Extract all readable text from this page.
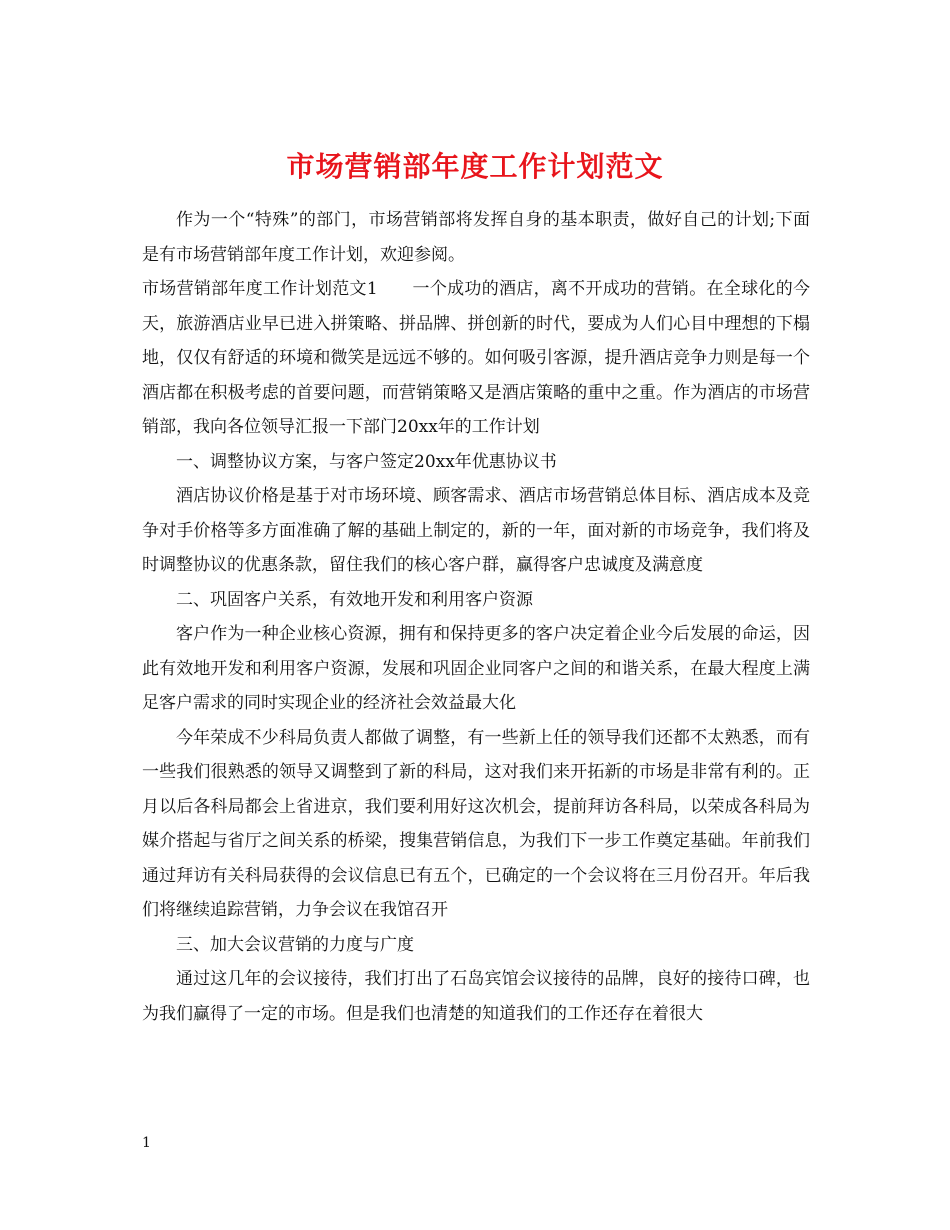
市场营销部年度工作计划范文

作为一个“特殊”的部门，市场营销部将发挥自身的基本职责，做好自己的计划;下面是有市场营销部年度工作计划，欢迎参阅。

市场营销部年度工作计划范文1　　一个成功的酒店，离不开成功的营销。在全球化的今天，旅游酒店业早已进入拼策略、拼品牌、拼创新的时代，要成为人们心目中理想的下榻地，仅仅有舒适的环境和微笑是远远不够的。如何吸引客源，提升酒店竞争力则是每一个酒店都在积极考虑的首要问题，而营销策略又是酒店策略的重中之重。作为酒店的市场营销部，我向各位领导汇报一下部门20xx年的工作计划

一、调整协议方案，与客户签定20xx年优惠协议书

酒店协议价格是基于对市场环境、顾客需求、酒店市场营销总体目标、酒店成本及竞争对手价格等多方面准确了解的基础上制定的，新的一年，面对新的市场竞争，我们将及时调整协议的优惠条款，留住我们的核心客户群，赢得客户忠诚度及满意度

二、巩固客户关系，有效地开发和利用客户资源

客户作为一种企业核心资源，拥有和保持更多的客户决定着企业今后发展的命运，因此有效地开发和利用客户资源，发展和巩固企业同客户之间的和谐关系，在最大程度上满足客户需求的同时实现企业的经济社会效益最大化

今年荣成不少科局负责人都做了调整，有一些新上任的领导我们还都不太熟悉，而有一些我们很熟悉的领导又调整到了新的科局，这对我们来开拓新的市场是非常有利的。正月以后各科局都会上省进京，我们要利用好这次机会，提前拜访各科局，以荣成各科局为媒介搭起与省厅之间关系的桥梁，搜集营销信息，为我们下一步工作奠定基础。年前我们通过拜访有关科局获得的会议信息已有五个，已确定的一个会议将在三月份召开。年后我们将继续追踪营销，力争会议在我馆召开

三、加大会议营销的力度与广度

通过这几年的会议接待，我们打出了石岛宾馆会议接待的品牌，良好的接待口碑，也为我们赢得了一定的市场。但是我们也清楚的知道我们的工作还存在着很大

1
